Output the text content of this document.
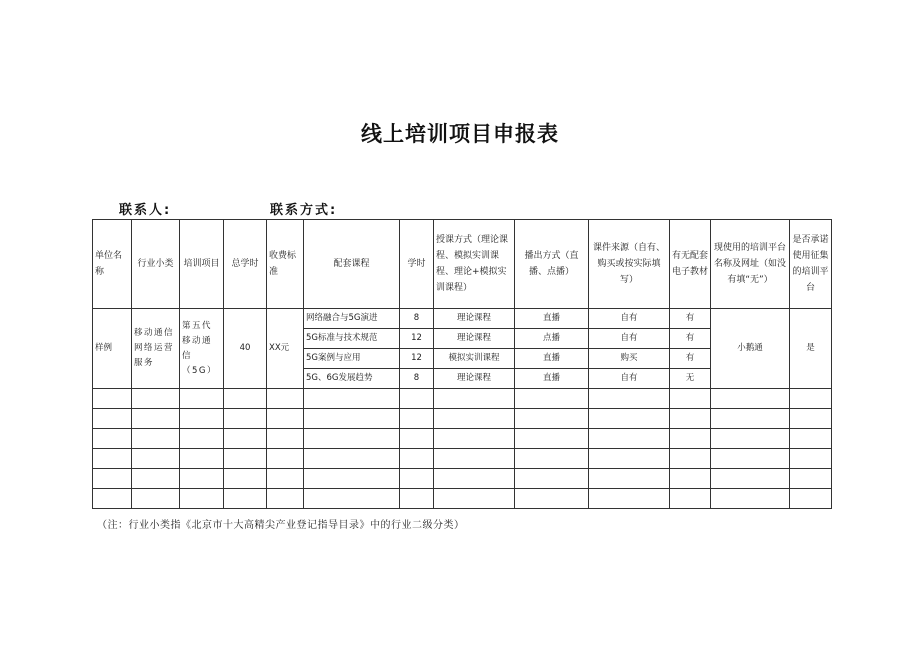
线上培训项目申报表
联系人:	联系方式:
单位名称	行业小类	培训项目	总学时	收费标准	配套课程	学时	授课方式（理论课程、模拟实训课程、理论+模拟实训课程）	播出方式（直播、点播）	课件来源（自有、购买或按实际填写）	有无配套电子教材	现使用的培训平台名称及网址（如没有填“无”）	是否承诺使用征集的培训平台
样例	移动通信网络运营服务	第五代移动通信（5G）	40	XX元	网络融合与5G演进	8	理论课程	直播	自有	有	小鹅通	是
					5G标准与技术规范	12	理论课程	点播	自有	有		
					5G案例与应用	12	模拟实训课程	直播	购买	有		
					5G、6G发展趋势	8	理论课程	直播	自有	无		

（注：行业小类指《北京市十大高精尖产业登记指导目录》中的行业二级分类）
